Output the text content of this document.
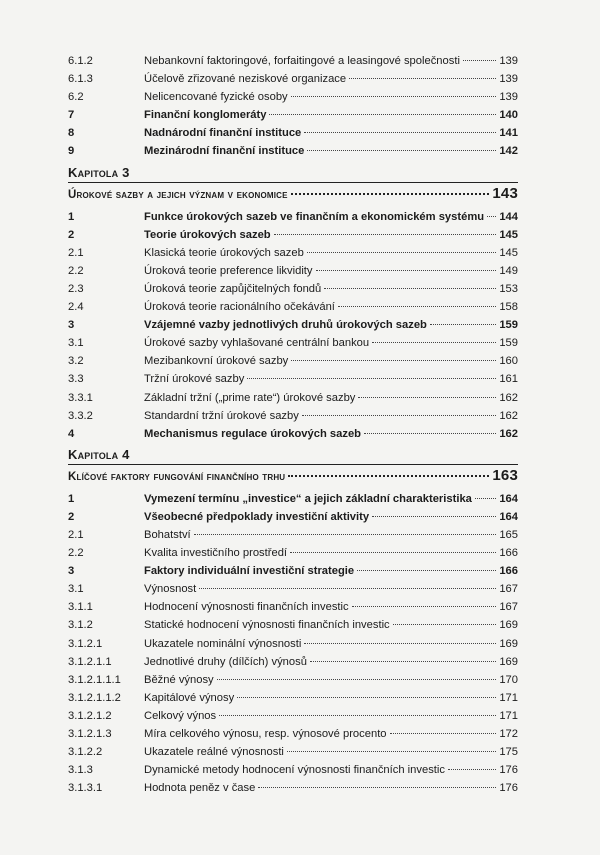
6.1.2	Nebankovní faktoringové, forfaitingové a leasingové společnosti	139
6.1.3	Účelově zřizované neziskové organizace	139
6.2	Nelicencované fyzické osoby	139
7	Finanční konglomeráty	140
8	Nadnárodní finanční instituce	141
9	Mezinárodní finanční instituce	142
Kapitola 3
Úrokové sazby a jejich význam v ekonomice	143
1	Funkce úrokových sazeb ve finančním a ekonomickém systému 144
2	Teorie úrokových sazeb	145
2.1	Klasická teorie úrokových sazeb	145
2.2	Úroková teorie preference likvidity	149
2.3	Úroková teorie zapůjčitelných fondů	153
2.4	Úroková teorie racionálního očekávání	158
3	Vzájemné vazby jednotlivých druhů úrokových sazeb	159
3.1	Úrokové sazby vyhlašované centrální bankou	159
3.2	Mezibankovní úrokové sazby	160
3.3	Tržní úrokové sazby	161
3.3.1	Základní tržní („prime rate“) úrokové sazby	162
3.3.2	Standardní tržní úrokové sazby	162
4	Mechanismus regulace úrokových sazeb	162
Kapitola 4
Klíčové faktory fungování finančního trhu	163
1	Vymezení termínu „investice“ a jejich základní charakteristika 164
2	Všeobecné předpoklady investiční aktivity	164
2.1	Bohatství	165
2.2	Kvalita investičního prostředí	166
3	Faktory individuální investiční strategie	166
3.1	Výnosnost	167
3.1.1	Hodnocení výnosnosti finančních investic	167
3.1.2	Statické hodnocení výnosnosti finančních investic	169
3.1.2.1	Ukazatele nominální výnosnosti	169
3.1.2.1.1	Jednotlivé druhy (dílčích) výnosů	169
3.1.2.1.1.1	Běžné výnosy	170
3.1.2.1.1.2	Kapitálové výnosy	171
3.1.2.1.2	Celkový výnos	171
3.1.2.1.3	Míra celkového výnosu, resp. výnosové procento	172
3.1.2.2	Ukazatele reálné výnosnosti	175
3.1.3	Dynamické metody hodnocení výnosnosti finančních investic	176
3.1.3.1	Hodnota peněz v čase	176
